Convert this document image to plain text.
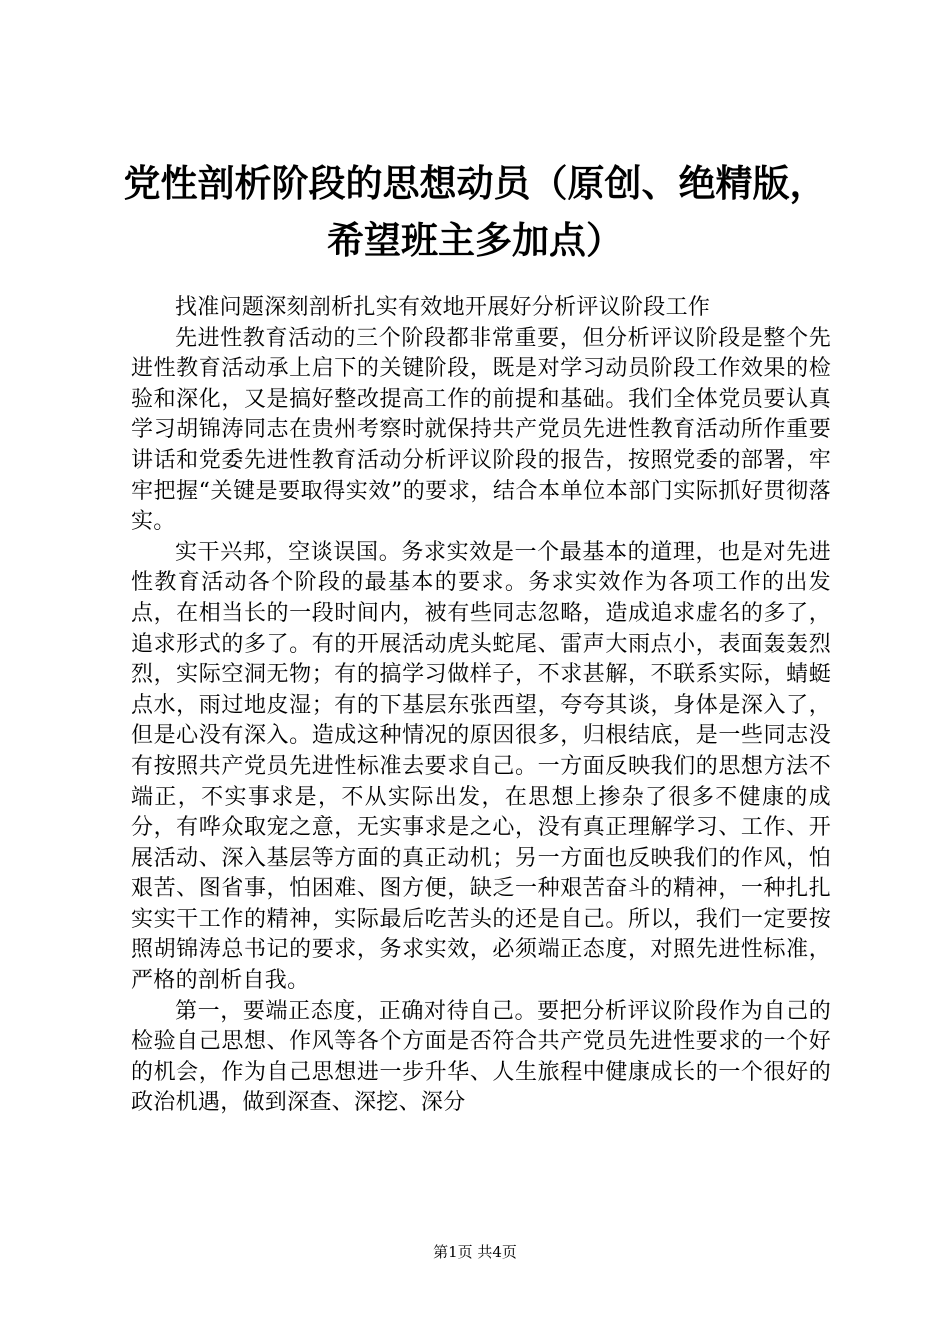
党性剖析阶段的思想动员（原创、绝精版，希望班主多加点）

找准问题深刻剖析扎实有效地开展好分析评议阶段工作

先进性教育活动的三个阶段都非常重要，但分析评议阶段是整个先进性教育活动承上启下的关键阶段，既是对学习动员阶段工作效果的检验和深化，又是搞好整改提高工作的前提和基础。我们全体党员要认真学习胡锦涛同志在贵州考察时就保持共产党员先进性教育活动所作重要讲话和党委先进性教育活动分析评议阶段的报告，按照党委的部署，牢牢把握“关键是要取得实效”的要求，结合本单位本部门实际抓好贯彻落实。

实干兴邦，空谈误国。务求实效是一个最基本的道理，也是对先进性教育活动各个阶段的最基本的要求。务求实效作为各项工作的出发点，在相当长的一段时间内，被有些同志忽略，造成追求虚名的多了，追求形式的多了。有的开展活动虎头蛇尾、雷声大雨点小，表面轰轰烈烈，实际空洞无物；有的搞学习做样子，不求甚解，不联系实际，蜻蜓点水，雨过地皮湿；有的下基层东张西望，夸夸其谈，身体是深入了，但是心没有深入。造成这种情况的原因很多，归根结底，是一些同志没有按照共产党员先进性标准去要求自己。一方面反映我们的思想方法不端正，不实事求是，不从实际出发，在思想上掺杂了很多不健康的成分，有哗众取宠之意，无实事求是之心，没有真正理解学习、工作、开展活动、深入基层等方面的真正动机；另一方面也反映我们的作风，怕艰苦、图省事，怕困难、图方便，缺乏一种艰苦奋斗的精神，一种扎扎实实干工作的精神，实际最后吃苦头的还是自己。所以，我们一定要按照胡锦涛总书记的要求，务求实效，必须端正态度，对照先进性标准，严格的剖析自我。

第一，要端正态度，正确对待自己。要把分析评议阶段作为自己的检验自己思想、作风等各个方面是否符合共产党员先进性要求的一个好的机会，作为自己思想进一步升华、人生旅程中健康成长的一个很好的政治机遇，做到深查、深挖、深分

第1页 共4页
